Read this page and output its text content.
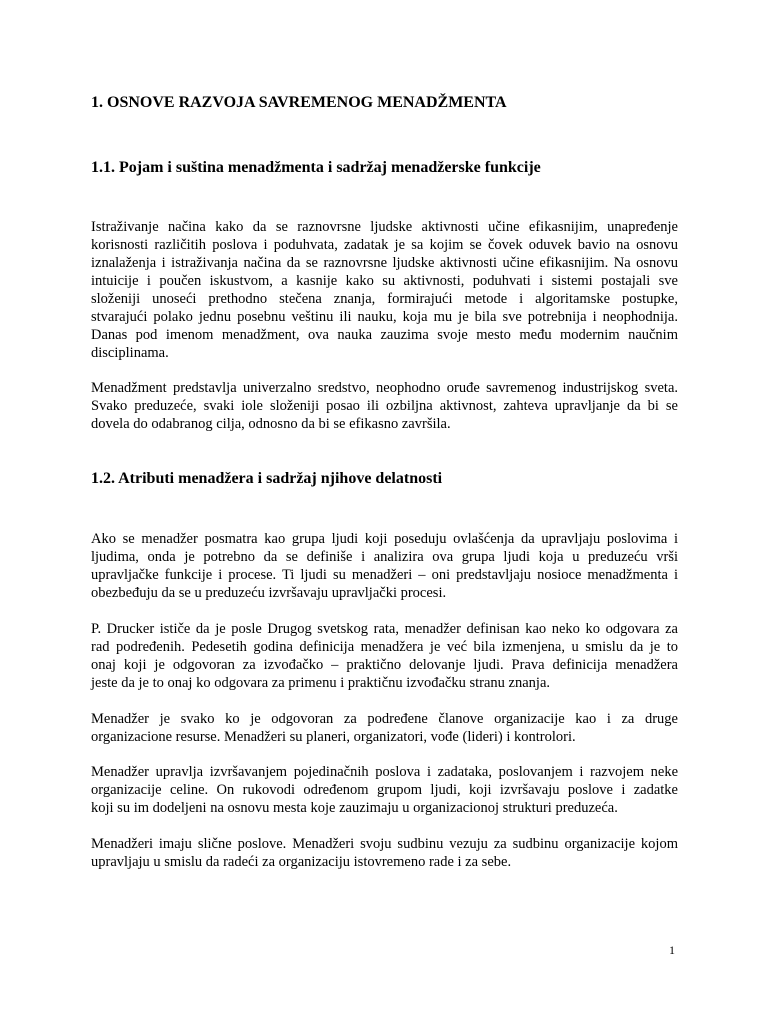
1. OSNOVE RAZVOJA SAVREMENOG MENADŽMENTA
1.1. Pojam i suština menadžmenta i sadržaj menadžerske funkcije

Istraživanje načina kako da se raznovrsne ljudske aktivnosti učine efikasnijim, unapređenje
korisnosti različitih poslova i poduhvata, zadatak je sa kojim se čovek oduvek bavio na osnovu
iznalaženja i istraživanja načina da se raznovrsne ljudske aktivnosti učine efikasnijim. Na osnovu
intuicije i poučen iskustvom, a kasnije kako su aktivnosti, poduhvati i sistemi postajali sve
složeniji unoseći prethodno stečena znanja, formirajući metode i algoritamske postupke,
stvarajući polako jednu posebnu veštinu ili nauku, koja mu je bila sve potrebnija i neophodnija.
Danas pod imenom menadžment, ova nauka zauzima svoje mesto među modernim naučnim
disciplinama.

Menadžment predstavlja univerzalno sredstvo, neophodno oruđe savremenog industrijskog sveta.
Svako preduzeće, svaki iole složeniji posao ili ozbiljna aktivnost, zahteva upravljanje da bi se
dovela do odabranog cilja, odnosno da bi se efikasno završila.

1.2. Atributi menadžera i sadržaj njihove delatnosti

Ako se menadžer posmatra kao grupa ljudi koji poseduju ovlašćenja da upravljaju poslovima i
ljudima, onda je potrebno da se definiše i analizira ova grupa ljudi koja u preduzeću vrši
upravljačke funkcije i procese. Ti ljudi su menadžeri – oni predstavljaju nosioce menadžmenta i
obezbeđuju da se u preduzeću izvršavaju upravljački procesi.

P. Drucker ističe da je posle Drugog svetskog rata, menadžer definisan kao neko ko odgovara za
rad podređenih. Pedesetih godina definicija menadžera je već bila izmenjena, u smislu da je to
onaj koji je odgovoran za izvođačko – praktično delovanje ljudi. Prava definicija menadžera
jeste da je to onaj ko odgovara za primenu i praktičnu izvođačku stranu znanja.

Menadžer je svako ko je odgovoran za podređene članove organizacije kao i za druge
organizacione resurse. Menadžeri su planeri, organizatori, vođe (lideri) i kontrolori.

Menadžer upravlja izvršavanjem pojedinačnih poslova i zadataka, poslovanjem i razvojem neke
organizacije celine. On rukovodi određenom grupom ljudi, koji izvršavaju poslove i zadatke
koji su im dodeljeni na osnovu mesta koje zauzimaju u organizacionoj strukturi preduzeća.

Menadžeri imaju slične poslove. Menadžeri svoju sudbinu vezuju za sudbinu organizacije kojom
upravljaju u smislu da radeći za organizaciju istovremeno rade i za sebe.

1
